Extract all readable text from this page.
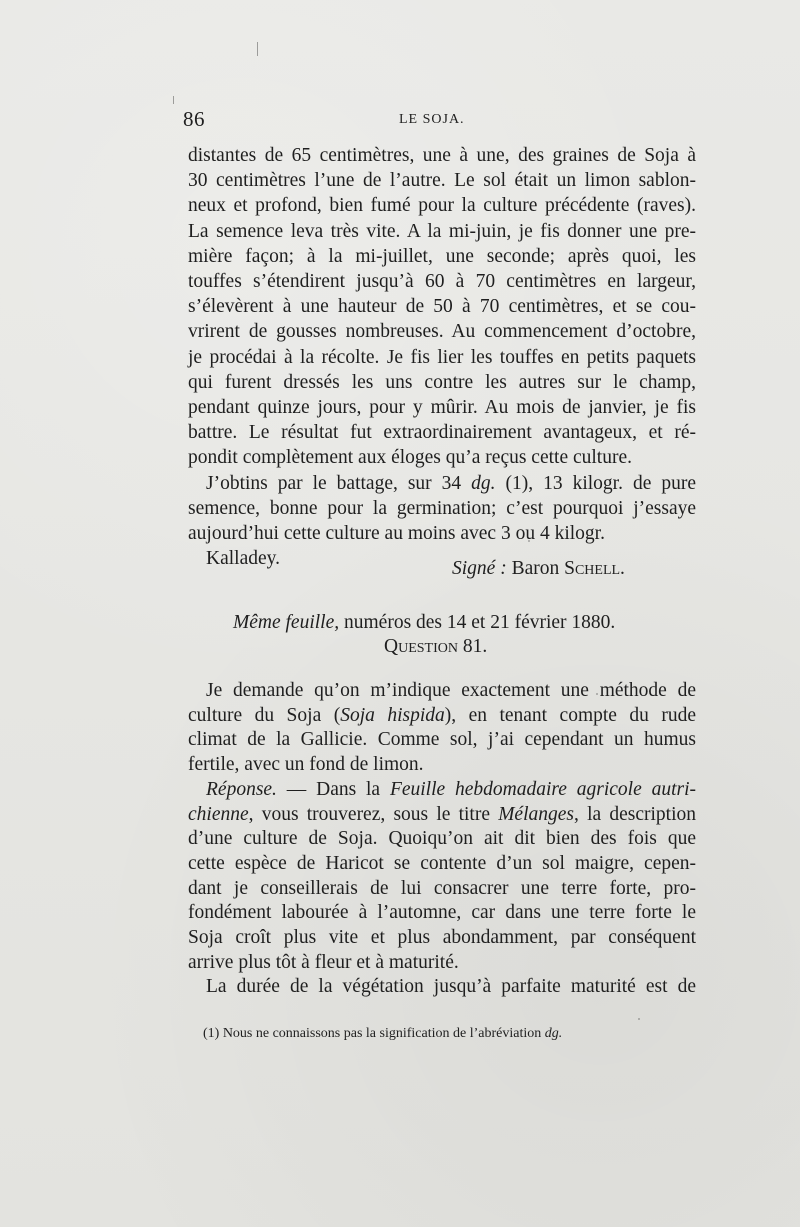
86	LE SOJA.
distantes de 65 centimètres, une à une, des graines de Soja à
30 centimètres l’une de l’autre. Le sol était un limon sablon-
neux et profond, bien fumé pour la culture précédente (raves).
La semence leva très vite. A la mi-juin, je fis donner une pre-
mière façon; à la mi-juillet, une seconde; après quoi, les
touffes s’étendirent jusqu’à 60 à 70 centimètres en largeur,
s’élevèrent à une hauteur de 50 à 70 centimètres, et se cou-
vrirent de gousses nombreuses. Au commencement d’octobre,
je procédai à la récolte. Je fis lier les touffes en petits paquets
qui furent dressés les uns contre les autres sur le champ,
pendant quinze jours, pour y mûrir. Au mois de janvier, je fis
battre. Le résultat fut extraordinairement avantageux, et ré-
pondit complètement aux éloges qu’a reçus cette culture.
J’obtins par le battage, sur 34 dg. (1), 13 kilogr. de pure
semence, bonne pour la germination; c’est pourquoi j’essaye
aujourd’hui cette culture au moins avec 3 ou 4 kilogr.
Kalladey.	Signé : Baron Schell.
Même feuille, numéros des 14 et 21 février 1880.
Question 81.
Je demande qu’on m’indique exactement une méthode de
culture du Soja (Soja hispida), en tenant compte du rude
climat de la Gallicie. Comme sol, j’ai cependant un humus
fertile, avec un fond de limon.
Réponse. — Dans la Feuille hebdomadaire agricole autri-
chienne, vous trouverez, sous le titre Mélanges, la description
d’une culture de Soja. Quoiqu’on ait dit bien des fois que
cette espèce de Haricot se contente d’un sol maigre, cepen-
dant je conseillerais de lui consacrer une terre forte, pro-
fondément labourée à l’automne, car dans une terre forte le
Soja croît plus vite et plus abondamment, par conséquent
arrive plus tôt à fleur et à maturité.
La durée de la végétation jusqu’à parfaite maturité est de
(1) Nous ne connaissons pas la signification de l’abréviation dg.
